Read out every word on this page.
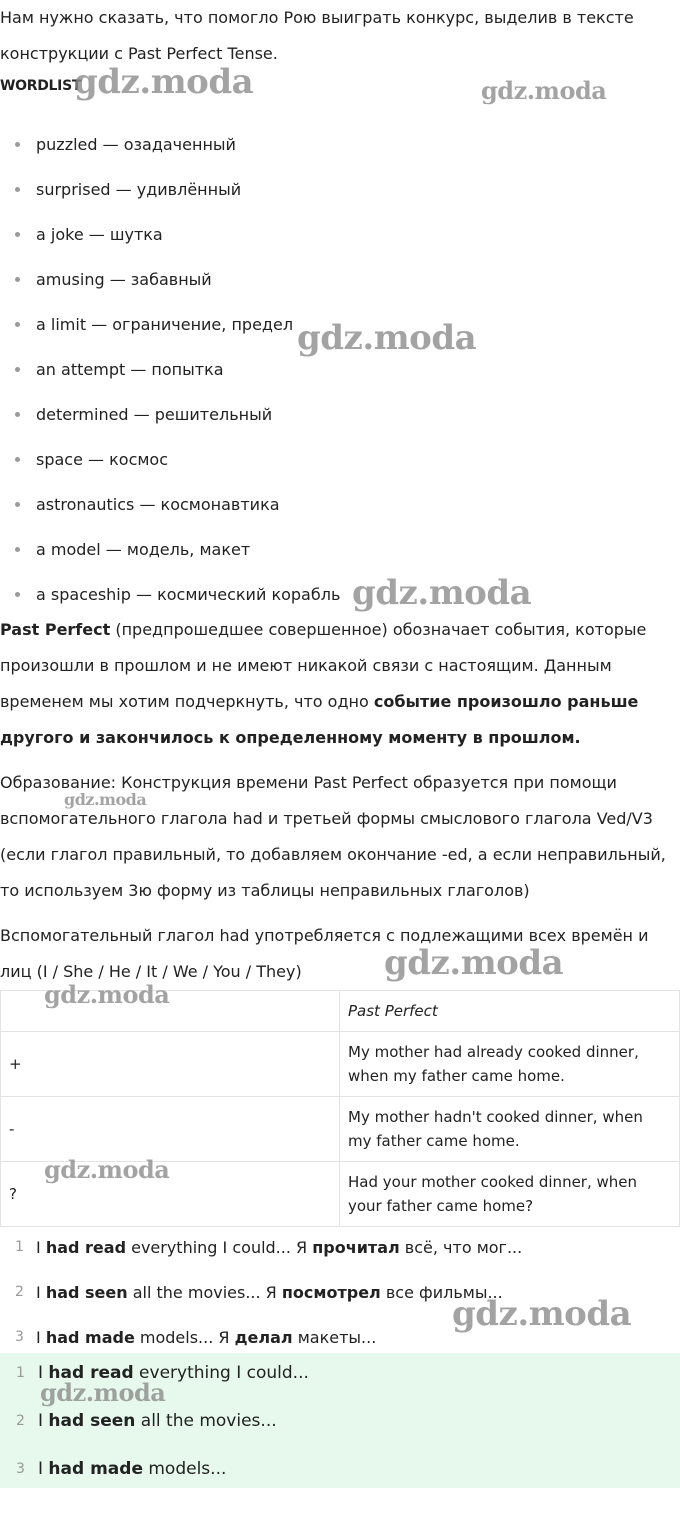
Нам нужно сказать, что помогло Рою выиграть конкурс, выделив в тексте конструкции с Past Perfect Tense.

WORDLIST
puzzled — озадаченный
surprised — удивлённый
a joke — шутка
amusing — забавный
a limit — ограничение, предел
an attempt — попытка
determined — решительный
space — космос
astronautics — космонавтика
a model — модель, макет
a spaceship — космический корабль

Past Perfect (предпрошедшее совершенное) обозначает события, которые произошли в прошлом и не имеют никакой связи с настоящим. Данным временем мы хотим подчеркнуть, что одно событие произошло раньше другого и закончилось к определенному моменту в прошлом.

Образование: Конструкция времени Past Perfect образуется при помощи вспомогательного глагола had и третьей формы смыслового глагола Ved/V3 (если глагол правильный, то добавляем окончание -ed, а если неправильный, то используем 3ю форму из таблицы неправильных глаголов)

Вспомогательный глагол had употребляется с подлежащими всех времён и лиц (I / She / He / It / We / You / They)

	Past Perfect
+	My mother had already cooked dinner, when my father came home.
-	My mother hadn't cooked dinner, when my father came home.
?	Had your mother cooked dinner, when your father came home?
1 I had read everything I could... Я прочитал всё, что мог...
2 I had seen all the movies... Я посмотрел все фильмы...
3 I had made models... Я делал макеты...
1 I had read everything I could...
2 I had seen all the movies...
3 I had made models...
gdz.moda	gdz.moda
gdz.moda
gdz.moda
gdz.moda
gdz.moda
gdz.moda
gdz.moda
gdz.moda
gdz.moda
